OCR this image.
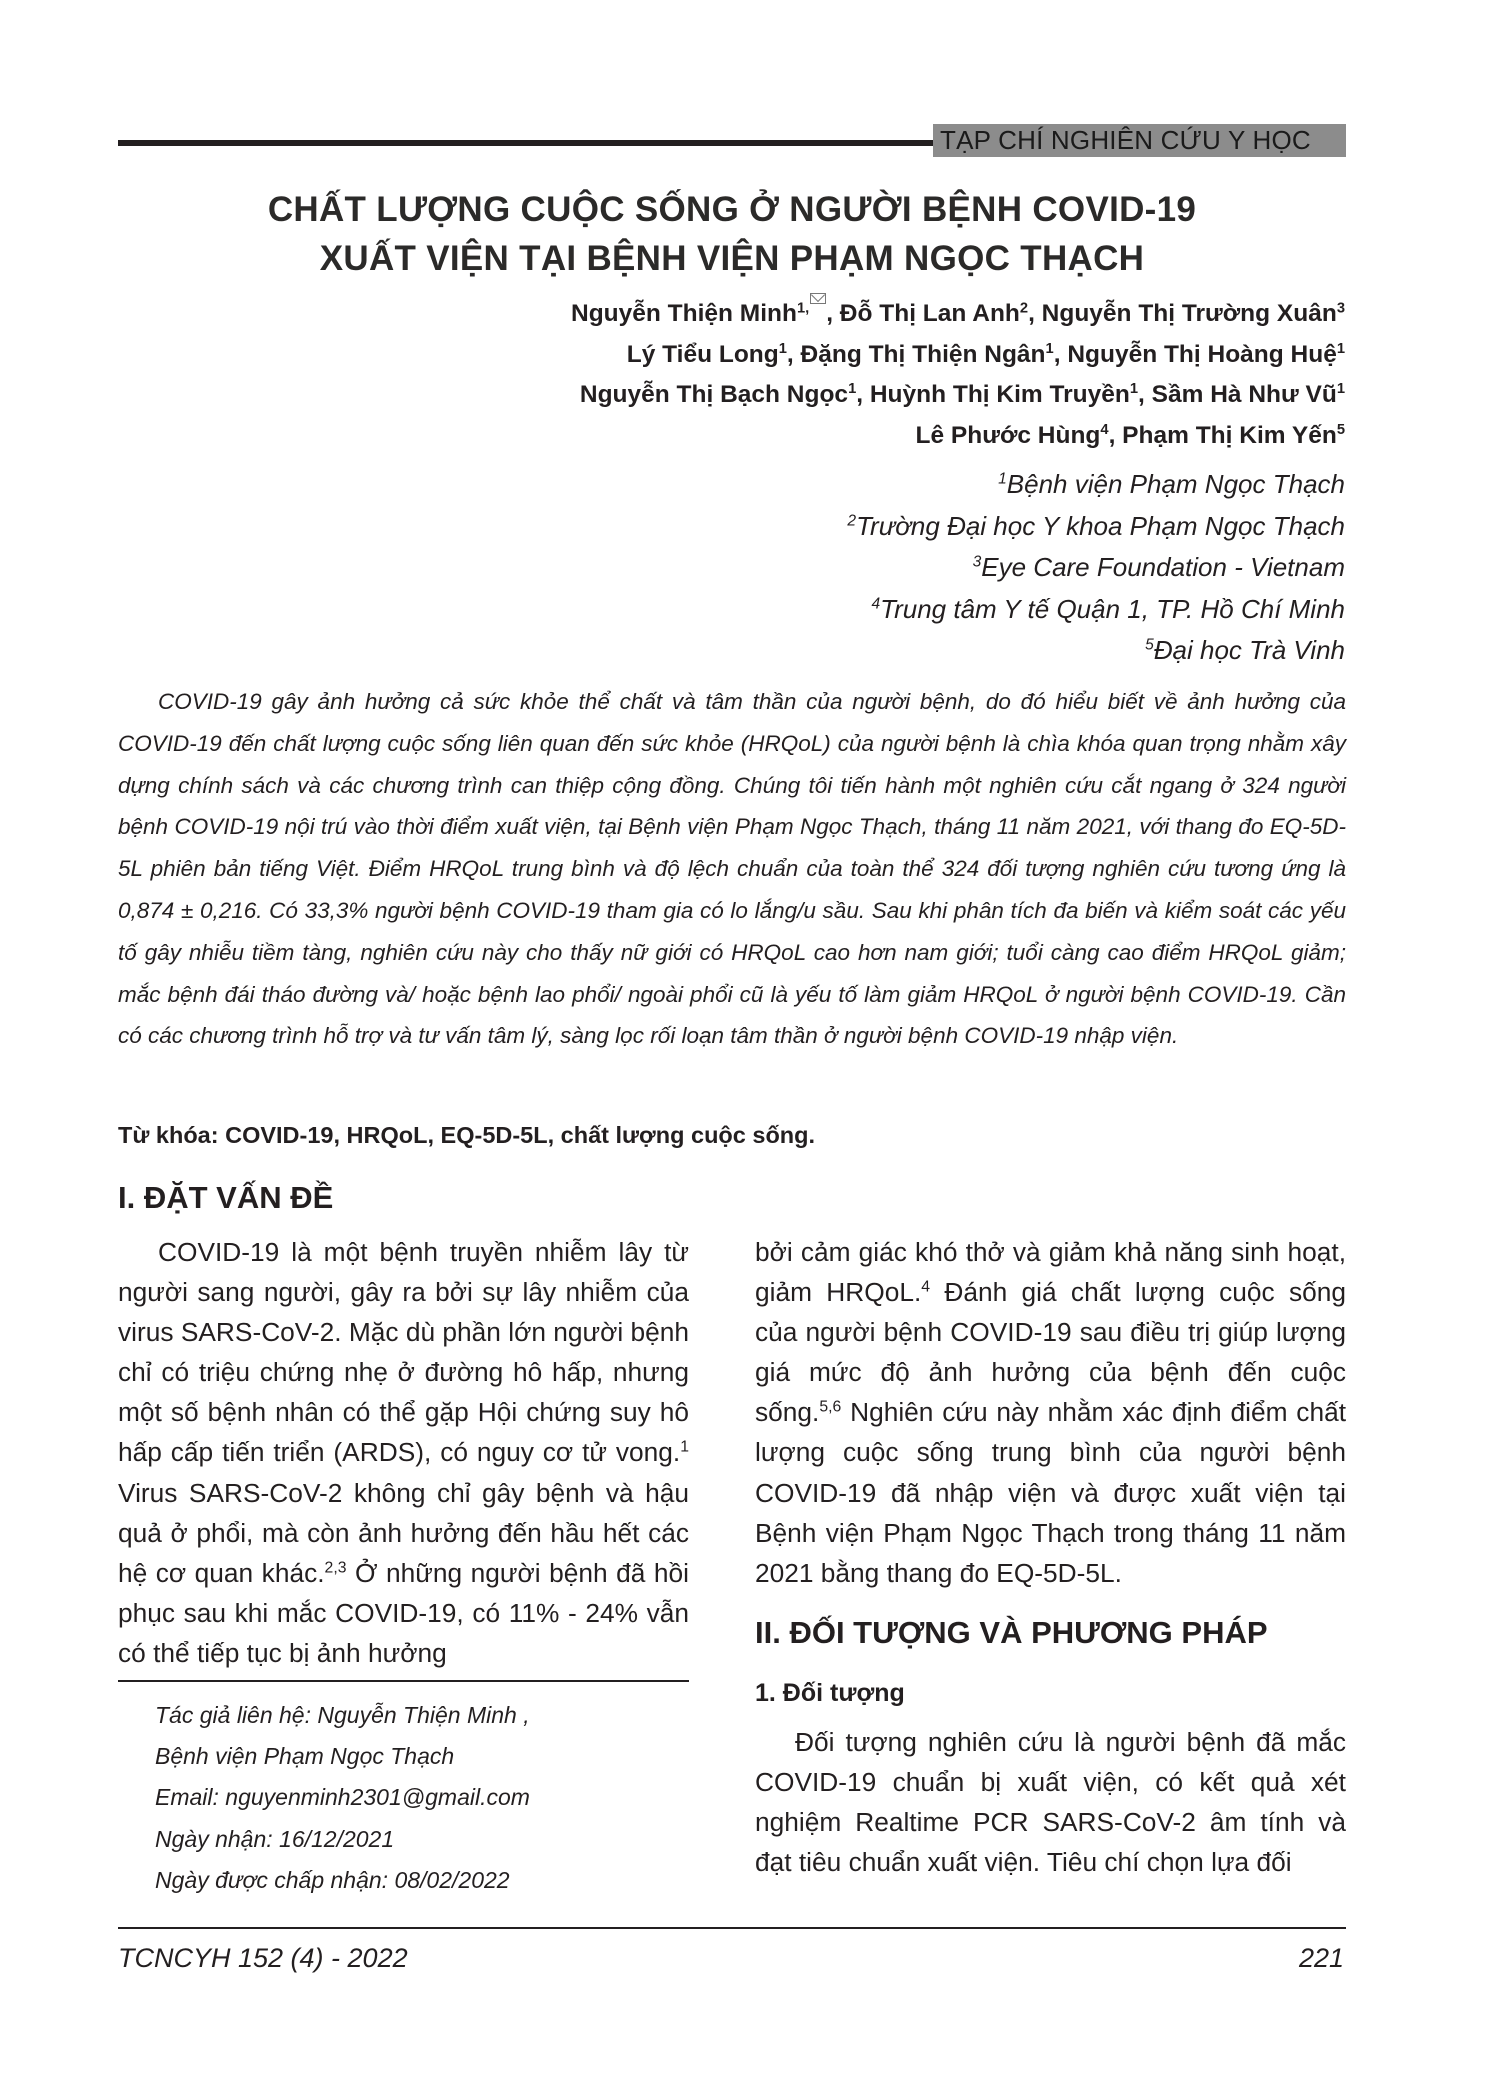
TẠP CHÍ NGHIÊN CỨU Y HỌC
CHẤT LƯỢNG CUỘC SỐNG Ở NGƯỜI BỆNH COVID-19
XUẤT VIỆN TẠI BỆNH VIỆN PHẠM NGỌC THẠCH
Nguyễn Thiện Minh$^{1,}$ , Đỗ Thị Lan Anh$^2$, Nguyễn Thị Trường Xuân$^3$
Lý Tiểu Long$^1$, Đặng Thị Thiện Ngân$^1$, Nguyễn Thị Hoàng Huệ$^1$
Nguyễn Thị Bạch Ngọc$^1$, Huỳnh Thị Kim Truyền$^1$, Sầm Hà Như $Vũ^1$
Lê Phước Hùng$^4$, Phạm Thị Kim Yến$^5$
$^1$Bệnh viện Phạm Ngọc Thạch
$^2$Trường Đại học Y khoa Phạm Ngọc Thạch
$^3$Eye Care Foundation - Vietnam
$^4$Trung tâm Y tế Quận 1, TP. Hồ Chí Minh
$^5$Đại học Trà Vinh

COVID-19 gây ảnh hưởng cả sức khỏe thể chất và tâm thần của người bệnh, do đó hiểu biết về ảnh hưởng của COVID-19 đến chất lượng cuộc sống liên quan đến sức khỏe (HRQoL) của người bệnh là chìa khóa quan trọng nhằm xây dựng chính sách và các chương trình can thiệp cộng đồng. Chúng tôi tiến hành một nghiên cứu cắt ngang ở 324 người bệnh COVID-19 nội trú vào thời điểm xuất viện, tại Bệnh viện Phạm Ngọc Thạch, tháng 11 năm 2021, với thang đo EQ-5D-5L phiên bản tiếng Việt. Điểm HRQoL trung bình và độ lệch chuẩn của toàn thể 324 đối tượng nghiên cứu tương ứng là 0,874 ± 0,216. Có 33,3% người bệnh COVID-19 tham gia có lo lắng/u sầu. Sau khi phân tích đa biến và kiểm soát các yếu tố gây nhiễu tiềm tàng, nghiên cứu này cho thấy nữ giới có HRQoL cao hơn nam giới; tuổi càng cao điểm HRQoL giảm; mắc bệnh đái tháo đường và/ hoặc bệnh lao phổi/ ngoài phổi cũ là yếu tố làm giảm HRQoL ở người bệnh COVID-19. Cần có các chương trình hỗ trợ và tư vấn tâm lý, sàng lọc rối loạn tâm thần ở người bệnh COVID-19 nhập viện.

Từ khóa: COVID-19, HRQoL, EQ-5D-5L, chất lượng cuộc sống.
I. ĐẶT VẤN ĐỀ

COVID-19 là một bệnh truyền nhiễm lây từ người sang người, gây ra bởi sự lây nhiễm của virus SARS-CoV-2. Mặc dù phần lớn người bệnh chỉ có triệu chứng nhẹ ở đường hô hấp, nhưng một số bệnh nhân có thể gặp Hội chứng suy hô hấp cấp tiến triển (ARDS), có nguy cơ tử vong.$^1$ Virus SARS-CoV-2 không chỉ gây bệnh và hậu quả ở phổi, mà còn ảnh hưởng đến hầu hết các hệ cơ quan khác.$^{2,3}$ Ở những người bệnh đã hồi phục sau khi mắc COVID-19, có 11% - 24% vẫn có thể tiếp tục bị ảnh hưởng

bởi cảm giác khó thở và giảm khả năng sinh hoạt, giảm HRQoL.$^4$ Đánh giá chất lượng cuộc sống của người bệnh COVID-19 sau điều trị giúp lượng giá mức độ ảnh hưởng của bệnh đến cuộc sống.$^{5,6}$ Nghiên cứu này nhằm xác định điểm chất lượng cuộc sống trung bình của người bệnh COVID-19 đã nhập viện và được xuất viện tại Bệnh viện Phạm Ngọc Thạch trong tháng 11 năm 2021 bằng thang đo EQ-5D-5L.

II. ĐỐI TƯỢNG VÀ PHƯƠNG PHÁP
1. Đối tượng

Đối tượng nghiên cứu là người bệnh đã mắc COVID-19 chuẩn bị xuất viện, có kết quả xét nghiệm Realtime PCR SARS-CoV-2 âm tính và đạt tiêu chuẩn xuất viện. Tiêu chí chọn lựa đối

Tác giả liên hệ: Nguyễn Thiện Minh ,
Bệnh viện Phạm Ngọc Thạch
Email: nguyenminh2301@gmail.com
Ngày nhận: 16/12/2021
Ngày được chấp nhận: 08/02/2022
TCNCYH 152 (4) - 2022	221
